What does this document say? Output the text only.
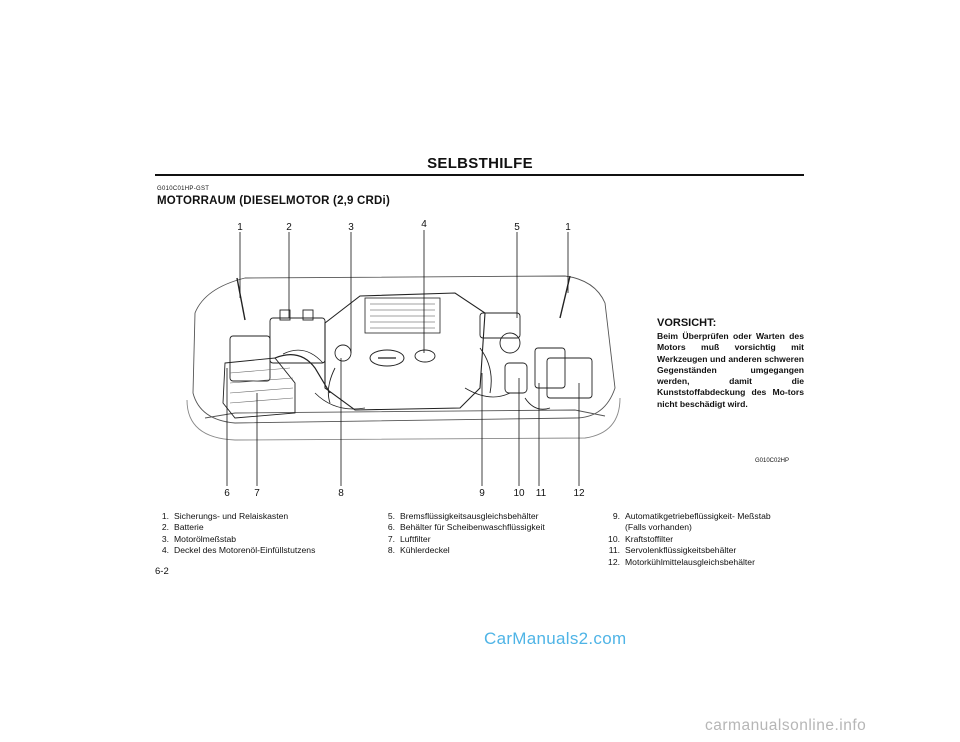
SELBSTHILFE
G010C01HP-GST
MOTORRAUM (DIESELMOTOR (2,9 CRDi)
1	2	3	4	5	1
6	7	8	9	10	11	12
VORSICHT:
Beim Überprüfen oder Warten des Motors muß vorsichtig mit Werkzeugen und anderen schweren Gegenständen umgegangen werden, damit die Kunststoffabdeckung des Mo-tors nicht beschädigt wird.
G010C02HP
1. Sicherungs- und Relaiskasten
2. Batterie
3. Motorölmeßstab
4. Deckel des Motorenöl-Einfüllstutzens
5. Bremsflüssigkeitsausgleichsbehälter
6. Behälter für Scheibenwaschflüssigkeit
7. Luftfilter
8. Kühlerdeckel
9. Automatikgetriebeflüssigkeit- Meßstab
(Falls vorhanden)
10. Kraftstoffilter
11. Servolenkflüssigkeitsbehälter
12. Motorkühlmittelausgleichsbehälter
6-2
CarManuals2.com
carmanualsonline.info
